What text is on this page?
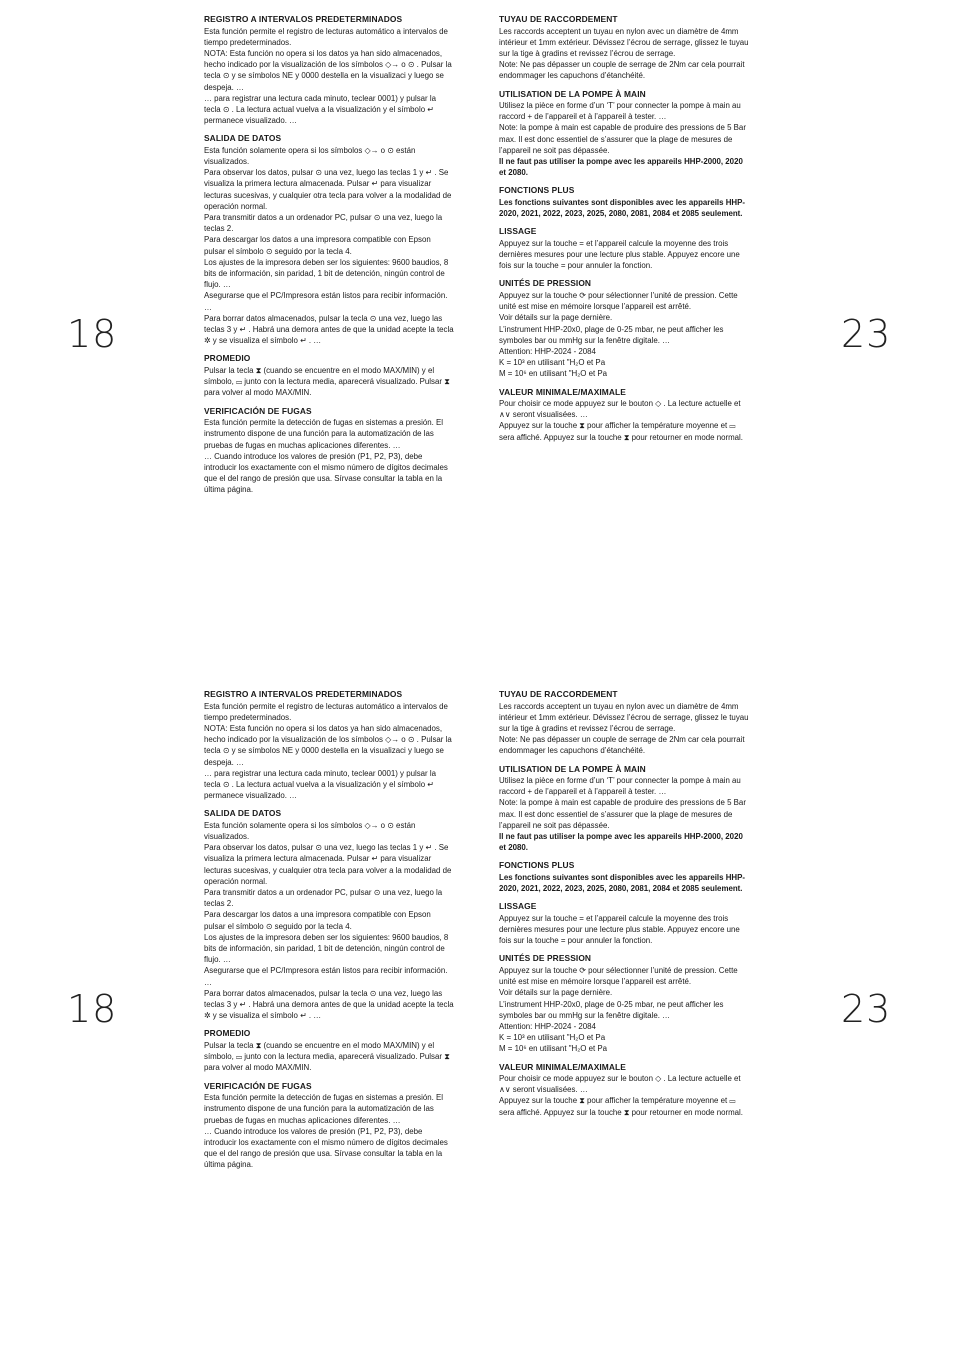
18	23
REGISTRO A INTERVALOS PREDETERMINADOS

Esta función permite el registro de lecturas automático a intervalos de tiempo predeterminados.

NOTA: Esta función no opera si los datos ya han sido almacenados, hecho indicado por la visualización de los símbolos ◇→ o ⊙ . Pulsar la tecla ⊙ y se símbolos NE y 0000 destella en la visualizaci y luego se despeja. …

… para registrar una lectura cada minuto, teclear 0001) y pulsar la tecla ⊙ . La lectura actual vuelva a la visualización y el símbolo ↵ permanece visualizado. …

SALIDA DE DATOS

Esta función solamente opera si los símbolos ◇→ o ⊙ están visualizados.

Para observar los datos, pulsar ⊙ una vez, luego las teclas 1 y ↵ . Se visualiza la primera lectura almacenada. Pulsar ↵ para visualizar lecturas sucesivas, y cualquier otra tecla para volver a la modalidad de operación normal.

Para transmitir datos a un ordenador PC, pulsar ⊙ una vez, luego la teclas 2.

Para descargar los datos a una impresora compatible con Epson pulsar el símbolo ⊙ seguido por la tecla 4.

Los ajustes de la impresora deben ser los siguientes: 9600 baudios, 8 bits de información, sin paridad, 1 bit de detención, ningún control de flujo. …

Asegurarse que el PC/Impresora están listos para recibir información. …

Para borrar datos almacenados, pulsar la tecla ⊙ una vez, luego las teclas 3 y ↵ . Habrá una demora antes de que la unidad acepte la tecla ✲ y se visualiza el símbolo ↵ . …

PROMEDIO

Pulsar la tecla ⧗ (cuando se encuentre en el modo MAX/MIN) y el símbolo, ▭ junto con la lectura media, aparecerá visualizado. Pulsar ⧗ para volver al modo MAX/MIN.

VERIFICACIÓN DE FUGAS

Esta función permite la detección de fugas en sistemas a presión. El instrumento dispone de una función para la automatización de las pruebas de fugas en muchas aplicaciones diferentes. …

… Cuando introduce los valores de presión (P1, P2, P3), debe introducir los exactamente con el mismo número de dígitos decimales que el del rango de presión que usa. Sírvase consultar la tabla en la última página.

TUYAU DE RACCORDEMENT

Les raccords acceptent un tuyau en nylon avec un diamètre de 4mm intérieur et 1mm extérieur. Dévissez l’écrou de serrage, glissez le tuyau sur la tige à gradins et revissez l’écrou de serrage.

Note: Ne pas dépasser un couple de serrage de 2Nm car cela pourrait endommager les capuchons d’étanchéité.

UTILISATION DE LA POMPE À MAIN

Utilisez la pièce en forme d’un ‘T’ pour connecter la pompe à main au raccord + de l’appareil et à l’appareil à tester. …

Note: la pompe à main est capable de produire des pressions de 5 Bar max. Il est donc essentiel de s’assurer que la plage de mesures de l’appareil ne soit pas dépassée.

Il ne faut pas utiliser la pompe avec les appareils HHP-2000, 2020 et 2080.

FONCTIONS PLUS

Les fonctions suivantes sont disponibles avec les appareils HHP-2020, 2021, 2022, 2023, 2025, 2080, 2081, 2084 et 2085 seulement.

LISSAGE

Appuyez sur la touche = et l’appareil calcule la moyenne des trois dernières mesures pour une lecture plus stable. Appuyez encore une fois sur la touche = pour annuler la fonction.

UNITÉS DE PRESSION

Appuyez sur la touche ⟳ pour sélectionner l’unité de pression. Cette unité est mise en mémoire lorsque l’appareil est arrêté.

Voir détails sur la page dernière.

L’instrument HHP-20x0, plage de 0-25 mbar, ne peut afficher les symboles bar ou mmHg sur la fenêtre digitale. …

Attention: HHP-2024 - 2084

K = 10³ en utilisant "H₂O et Pa

M = 10⁶ en utilisant "H₂O et Pa

VALEUR MINIMALE/MAXIMALE

Pour choisir ce mode appuyez sur le bouton ◇ . La lecture actuelle et ∧∨ seront visualisées. …

Appuyez sur la touche ⧗ pour afficher la température moyenne et ▭ sera affiché. Appuyez sur la touche ⧗ pour retourner en mode normal.

18	23
REGISTRO A INTERVALOS PREDETERMINADOS

Esta función permite el registro de lecturas automático a intervalos de tiempo predeterminados.

NOTA: Esta función no opera si los datos ya han sido almacenados, hecho indicado por la visualización de los símbolos ◇→ o ⊙ . Pulsar la tecla ⊙ y se símbolos NE y 0000 destella en la visualizaci y luego se despeja. …

… para registrar una lectura cada minuto, teclear 0001) y pulsar la tecla ⊙ . La lectura actual vuelva a la visualización y el símbolo ↵ permanece visualizado. …

SALIDA DE DATOS

Esta función solamente opera si los símbolos ◇→ o ⊙ están visualizados.

Para observar los datos, pulsar ⊙ una vez, luego las teclas 1 y ↵ . Se visualiza la primera lectura almacenada. Pulsar ↵ para visualizar lecturas sucesivas, y cualquier otra tecla para volver a la modalidad de operación normal.

Para transmitir datos a un ordenador PC, pulsar ⊙ una vez, luego la teclas 2.

Para descargar los datos a una impresora compatible con Epson pulsar el símbolo ⊙ seguido por la tecla 4.

Los ajustes de la impresora deben ser los siguientes: 9600 baudios, 8 bits de información, sin paridad, 1 bit de detención, ningún control de flujo. …

Asegurarse que el PC/Impresora están listos para recibir información. …

Para borrar datos almacenados, pulsar la tecla ⊙ una vez, luego las teclas 3 y ↵ . Habrá una demora antes de que la unidad acepte la tecla ✲ y se visualiza el símbolo ↵ . …

PROMEDIO

Pulsar la tecla ⧗ (cuando se encuentre en el modo MAX/MIN) y el símbolo, ▭ junto con la lectura media, aparecerá visualizado. Pulsar ⧗ para volver al modo MAX/MIN.

VERIFICACIÓN DE FUGAS

Esta función permite la detección de fugas en sistemas a presión. El instrumento dispone de una función para la automatización de las pruebas de fugas en muchas aplicaciones diferentes. …

… Cuando introduce los valores de presión (P1, P2, P3), debe introducir los exactamente con el mismo número de dígitos decimales que el del rango de presión que usa. Sírvase consultar la tabla en la última página.

TUYAU DE RACCORDEMENT

Les raccords acceptent un tuyau en nylon avec un diamètre de 4mm intérieur et 1mm extérieur. Dévissez l’écrou de serrage, glissez le tuyau sur la tige à gradins et revissez l’écrou de serrage.

Note: Ne pas dépasser un couple de serrage de 2Nm car cela pourrait endommager les capuchons d’étanchéité.

UTILISATION DE LA POMPE À MAIN

Utilisez la pièce en forme d’un ‘T’ pour connecter la pompe à main au raccord + de l’appareil et à l’appareil à tester. …

Note: la pompe à main est capable de produire des pressions de 5 Bar max. Il est donc essentiel de s’assurer que la plage de mesures de l’appareil ne soit pas dépassée.

Il ne faut pas utiliser la pompe avec les appareils HHP-2000, 2020 et 2080.

FONCTIONS PLUS

Les fonctions suivantes sont disponibles avec les appareils HHP-2020, 2021, 2022, 2023, 2025, 2080, 2081, 2084 et 2085 seulement.

LISSAGE

Appuyez sur la touche = et l’appareil calcule la moyenne des trois dernières mesures pour une lecture plus stable. Appuyez encore une fois sur la touche = pour annuler la fonction.

UNITÉS DE PRESSION

Appuyez sur la touche ⟳ pour sélectionner l’unité de pression. Cette unité est mise en mémoire lorsque l’appareil est arrêté.

Voir détails sur la page dernière.

L’instrument HHP-20x0, plage de 0-25 mbar, ne peut afficher les symboles bar ou mmHg sur la fenêtre digitale. …

Attention: HHP-2024 - 2084

K = 10³ en utilisant "H₂O et Pa

M = 10⁶ en utilisant "H₂O et Pa

VALEUR MINIMALE/MAXIMALE

Pour choisir ce mode appuyez sur le bouton ◇ . La lecture actuelle et ∧∨ seront visualisées. …

Appuyez sur la touche ⧗ pour afficher la température moyenne et ▭ sera affiché. Appuyez sur la touche ⧗ pour retourner en mode normal.
